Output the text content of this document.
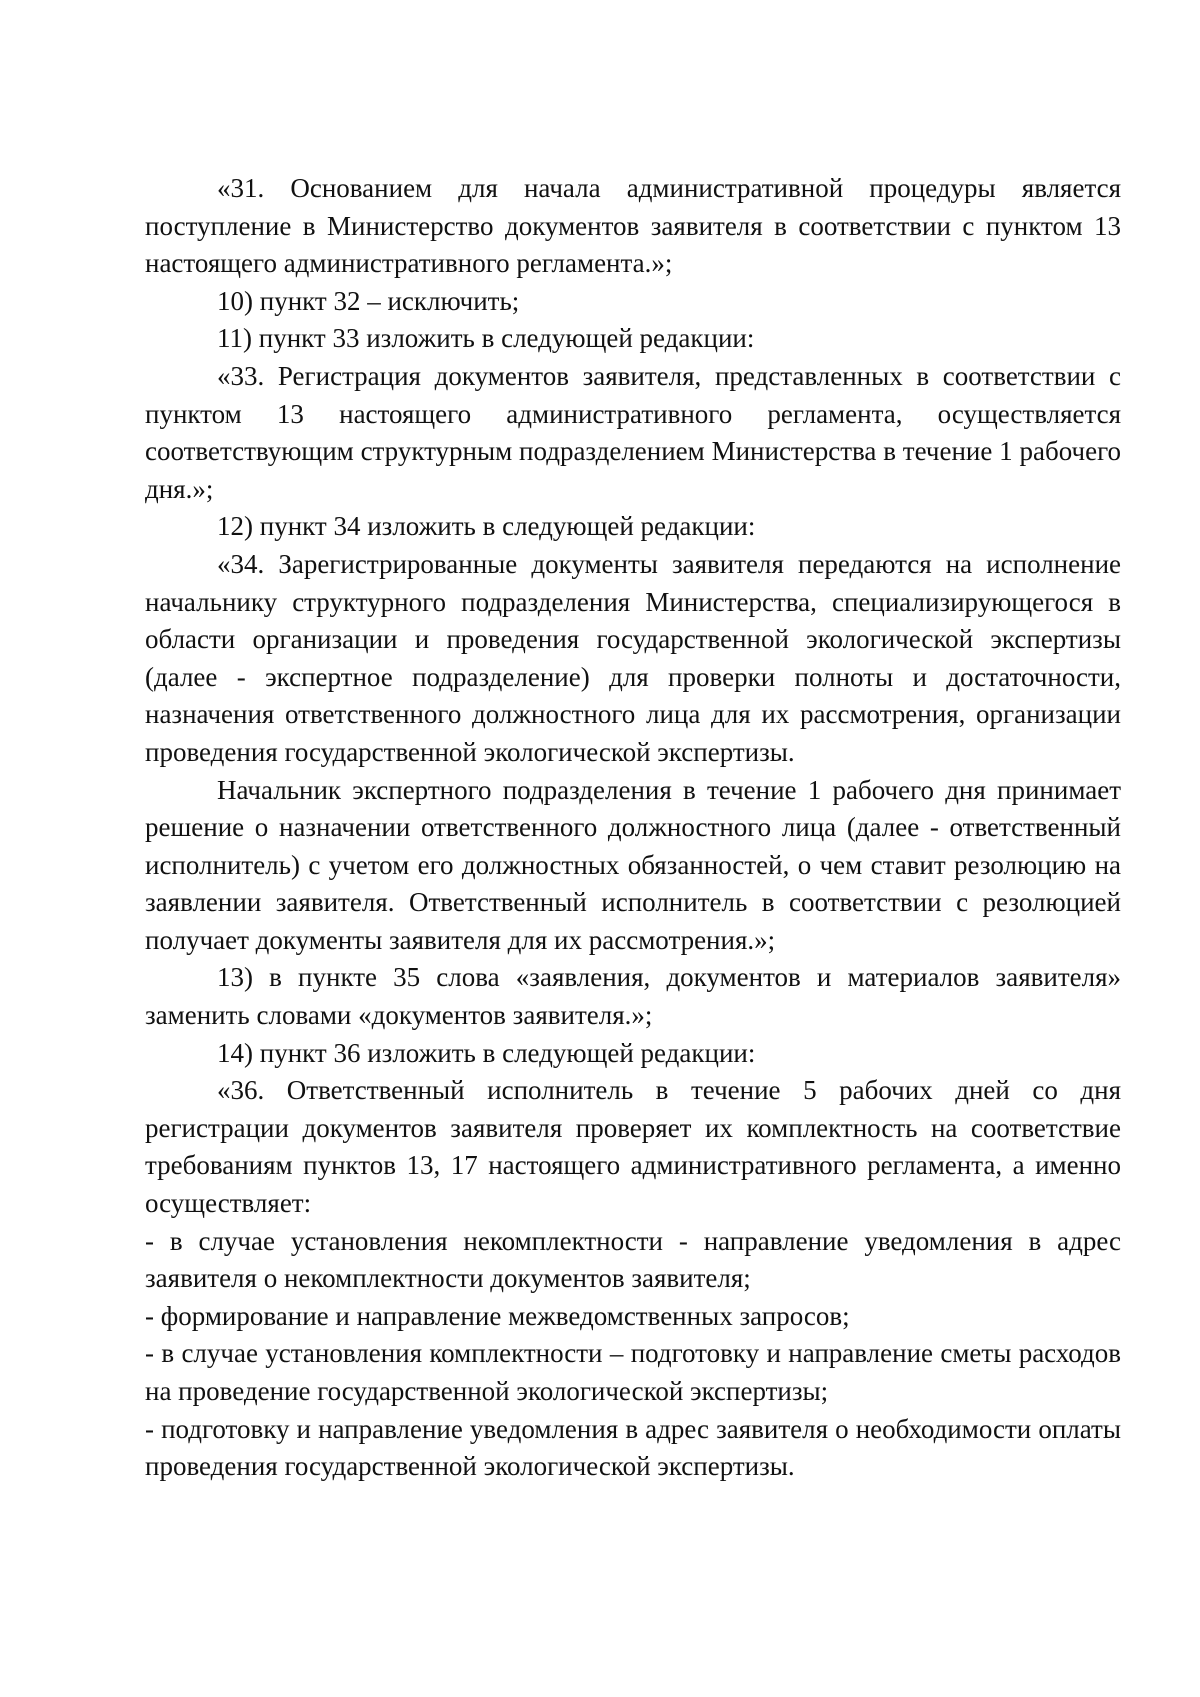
«31. Основанием для начала административной процедуры является поступление в Министерство документов заявителя в соответствии с пунктом 13 настоящего административного регламента.»;

10) пункт 32 – исключить;

11) пункт 33 изложить в следующей редакции:

«33. Регистрация документов заявителя, представленных в соответствии с пунктом 13 настоящего административного регламента, осуществляется соответствующим структурным подразделением Министерства в течение 1 рабочего дня.»;

12) пункт 34 изложить в следующей редакции:

«34. Зарегистрированные документы заявителя передаются на исполнение начальнику структурного подразделения Министерства, специализирующегося в области организации и проведения государственной экологической экспертизы (далее - экспертное подразделение) для проверки полноты и достаточности, назначения ответственного должностного лица для их рассмотрения, организации проведения государственной экологической экспертизы.

Начальник экспертного подразделения в течение 1 рабочего дня принимает решение о назначении ответственного должностного лица (далее - ответственный исполнитель) с учетом его должностных обязанностей, о чем ставит резолюцию на заявлении заявителя. Ответственный исполнитель в соответствии с резолюцией получает документы заявителя для их рассмотрения.»;

13) в пункте 35 слова «заявления, документов и материалов заявителя» заменить словами «документов заявителя.»;

14) пункт 36 изложить в следующей редакции:

«36. Ответственный исполнитель в течение 5 рабочих дней со дня регистрации документов заявителя проверяет их комплектность на соответствие требованиям пунктов 13, 17 настоящего административного регламента, а именно осуществляет:

- в случае установления некомплектности - направление уведомления в адрес заявителя о некомплектности документов заявителя;

- формирование и направление межведомственных запросов;

- в случае установления комплектности – подготовку и направление сметы расходов на проведение государственной экологической экспертизы;

- подготовку и направление уведомления в адрес заявителя о необходимости оплаты проведения государственной экологической экспертизы.
